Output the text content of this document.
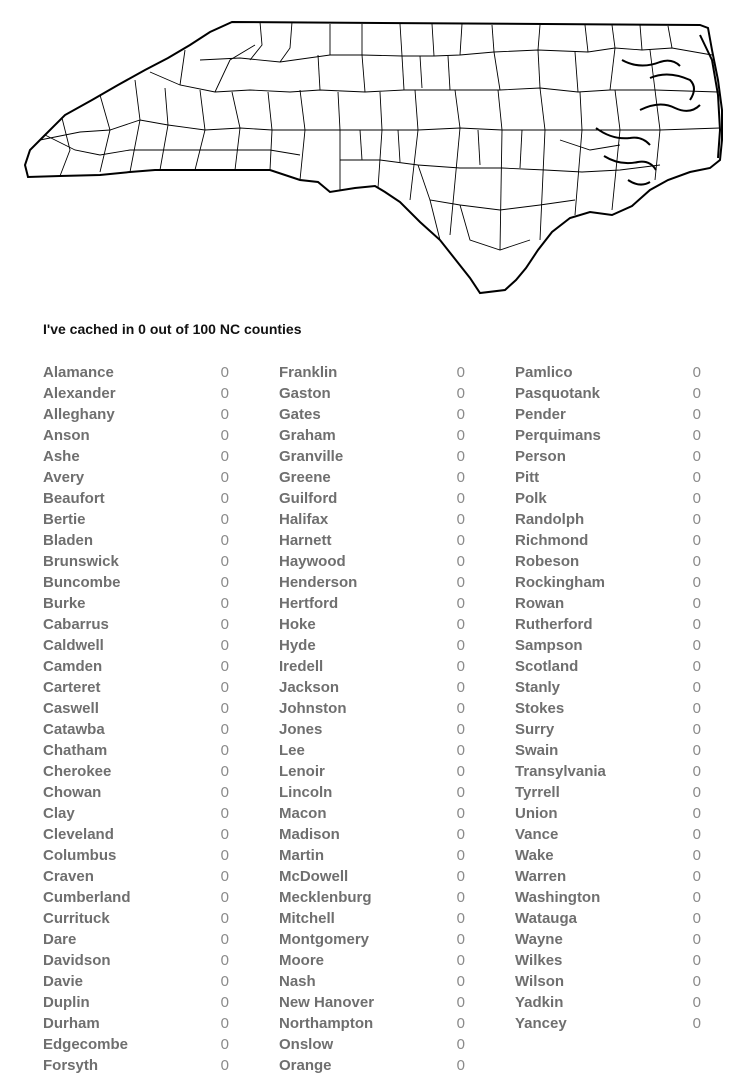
I've cached in 0 out of 100 NC counties
Alamance	0
Alexander	0
Alleghany	0
Anson	0
Ashe	0
Avery	0
Beaufort	0
Bertie	0
Bladen	0
Brunswick	0
Buncombe	0
Burke	0
Cabarrus	0
Caldwell	0
Camden	0
Carteret	0
Caswell	0
Catawba	0
Chatham	0
Cherokee	0
Chowan	0
Clay	0
Cleveland	0
Columbus	0
Craven	0
Cumberland	0
Currituck	0
Dare	0
Davidson	0
Davie	0
Duplin	0
Durham	0
Edgecombe	0
Forsyth	0
Franklin	0
Gaston	0
Gates	0
Graham	0
Granville	0
Greene	0
Guilford	0
Halifax	0
Harnett	0
Haywood	0
Henderson	0
Hertford	0
Hoke	0
Hyde	0
Iredell	0
Jackson	0
Johnston	0
Jones	0
Lee	0
Lenoir	0
Lincoln	0
Macon	0
Madison	0
Martin	0
McDowell	0
Mecklenburg	0
Mitchell	0
Montgomery	0
Moore	0
Nash	0
New Hanover	0
Northampton	0
Onslow	0
Orange	0
Pamlico	0
Pasquotank	0
Pender	0
Perquimans	0
Person	0
Pitt	0
Polk	0
Randolph	0
Richmond	0
Robeson	0
Rockingham	0
Rowan	0
Rutherford	0
Sampson	0
Scotland	0
Stanly	0
Stokes	0
Surry	0
Swain	0
Transylvania	0
Tyrrell	0
Union	0
Vance	0
Wake	0
Warren	0
Washington	0
Watauga	0
Wayne	0
Wilkes	0
Wilson	0
Yadkin	0
Yancey	0
